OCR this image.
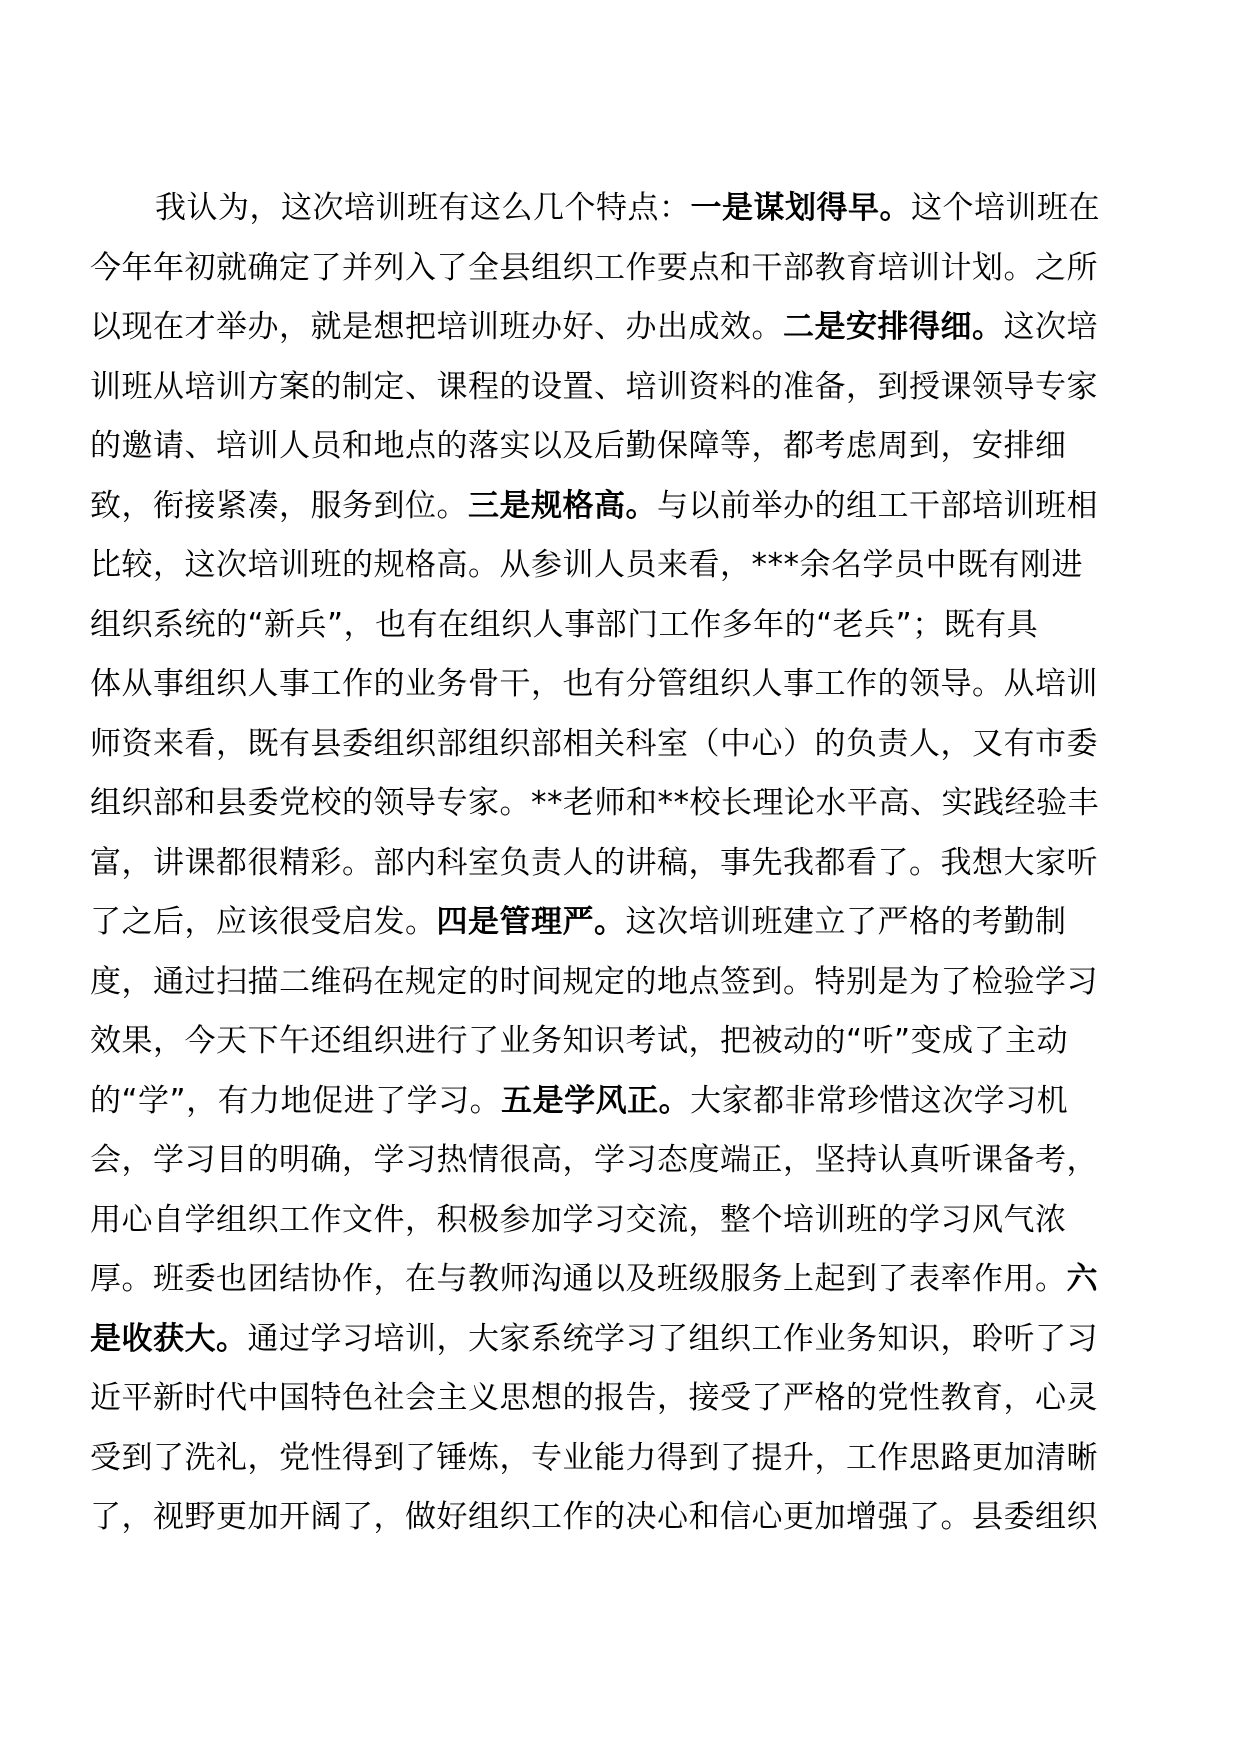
我认为，这次培训班有这么几个特点：一是谋划得早。这个培训班在
今年年初就确定了并列入了全县组织工作要点和干部教育培训计划。之所
以现在才举办，就是想把培训班办好、办出成效。二是安排得细。这次培
训班从培训方案的制定、课程的设置、培训资料的准备，到授课领导专家
的邀请、培训人员和地点的落实以及后勤保障等，都考虑周到，安排细
致，衔接紧凑，服务到位。三是规格高。与以前举办的组工干部培训班相
比较，这次培训班的规格高。从参训人员来看，***余名学员中既有刚进
组织系统的“新兵”，也有在组织人事部门工作多年的“老兵”；既有具
体从事组织人事工作的业务骨干，也有分管组织人事工作的领导。从培训
师资来看，既有县委组织部组织部相关科室（中心）的负责人，又有市委
组织部和县委党校的领导专家。**老师和**校长理论水平高、实践经验丰
富，讲课都很精彩。部内科室负责人的讲稿，事先我都看了。我想大家听
了之后，应该很受启发。四是管理严。这次培训班建立了严格的考勤制
度，通过扫描二维码在规定的时间规定的地点签到。特别是为了检验学习
效果，今天下午还组织进行了业务知识考试，把被动的“听”变成了主动
的“学”，有力地促进了学习。五是学风正。大家都非常珍惜这次学习机
会，学习目的明确，学习热情很高，学习态度端正，坚持认真听课备考，
用心自学组织工作文件，积极参加学习交流，整个培训班的学习风气浓
厚。班委也团结协作，在与教师沟通以及班级服务上起到了表率作用。六
是收获大。通过学习培训，大家系统学习了组织工作业务知识，聆听了习
近平新时代中国特色社会主义思想的报告，接受了严格的党性教育，心灵
受到了洗礼，党性得到了锤炼，专业能力得到了提升，工作思路更加清晰
了，视野更加开阔了，做好组织工作的决心和信心更加增强了。县委组织
